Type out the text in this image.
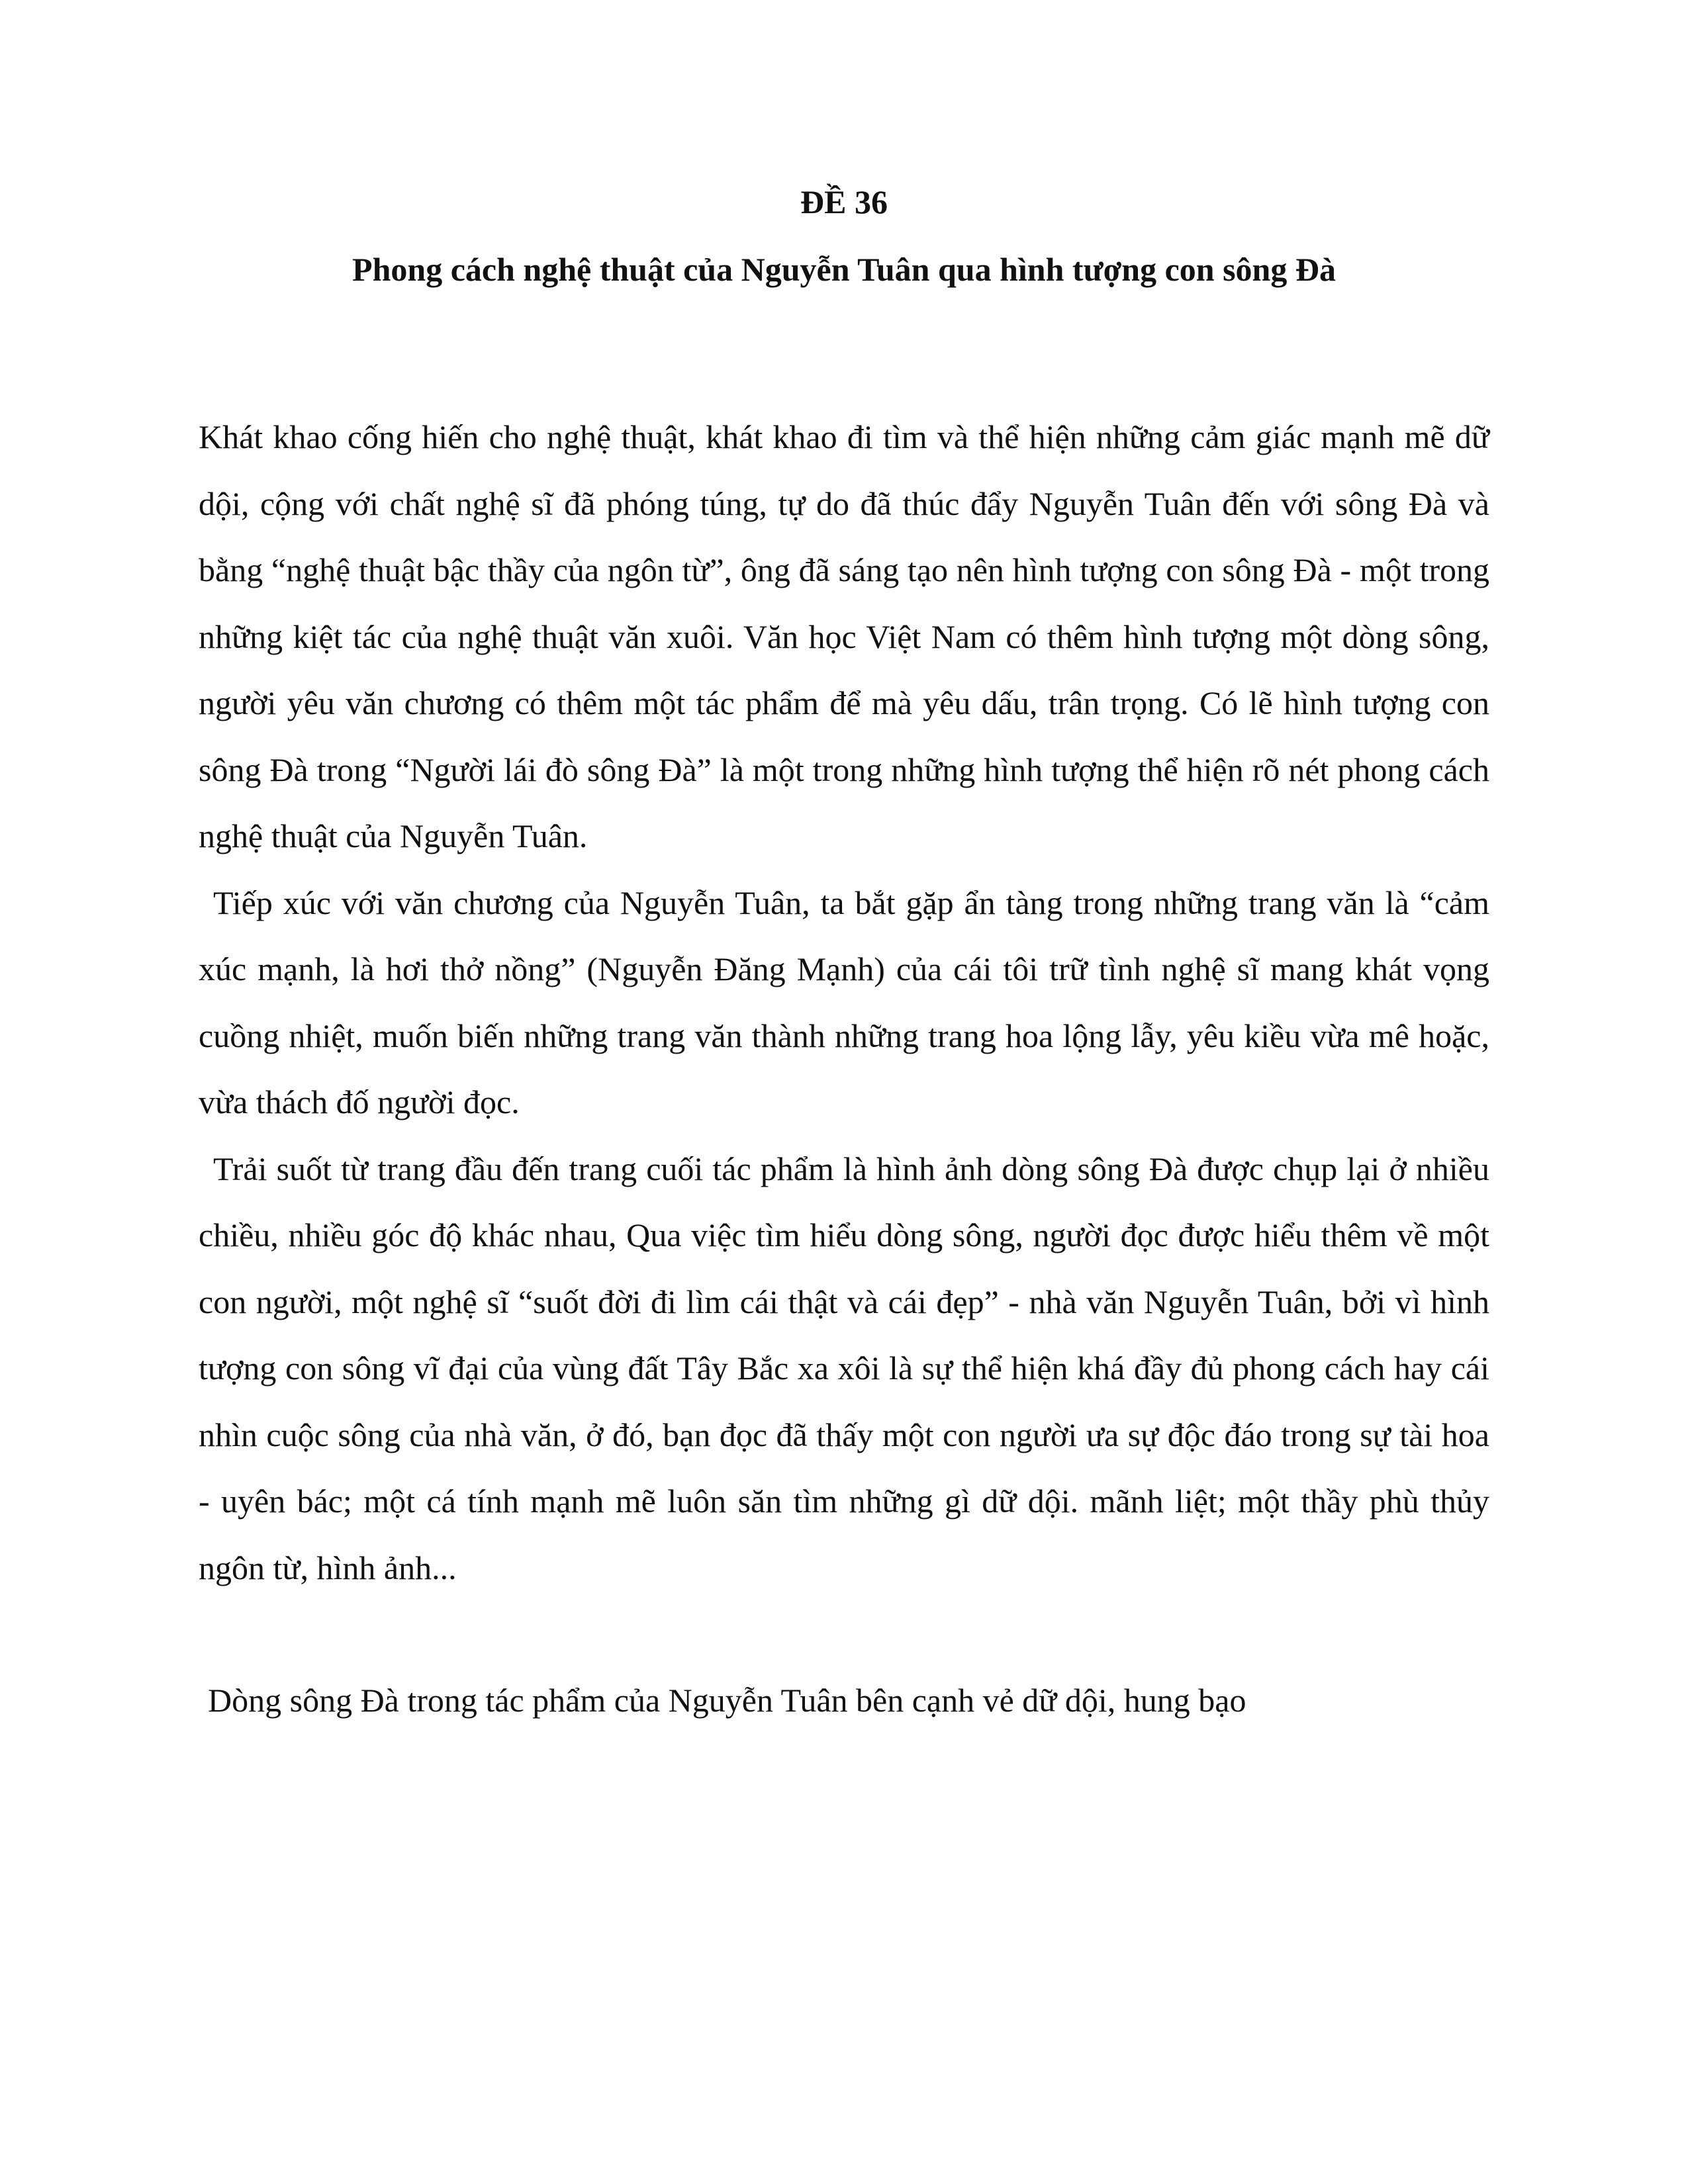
ĐỀ 36

Phong cách nghệ thuật của Nguyễn Tuân qua hình tượng con sông Đà

Khát khao cống hiến cho nghệ thuật, khát khao đi tìm và thể hiện những cảm giác mạnh mẽ dữ dội, cộng với chất nghệ sĩ đã phóng túng, tự do đã thúc đẩy Nguyễn Tuân đến với sông Đà và bằng “nghệ thuật bậc thầy của ngôn từ”, ông đã sáng tạo nên hình tượng con sông Đà - một trong những kiệt tác của nghệ thuật văn xuôi. Văn học Việt Nam có thêm hình tượng một dòng sông, người yêu văn chương có thêm một tác phẩm để mà yêu dấu, trân trọng. Có lẽ hình tượng con sông Đà trong “Người lái đò sông Đà” là một trong những hình tượng thể hiện rõ nét phong cách nghệ thuật của Nguyễn Tuân.

Tiếp xúc với văn chương của Nguyễn Tuân, ta bắt gặp ẩn tàng trong những trang văn là “cảm xúc mạnh, là hơi thở nồng” (Nguyễn Đăng Mạnh) của cái tôi trữ tình nghệ sĩ mang khát vọng cuồng nhiệt, muốn biến những trang văn thành những trang hoa lộng lẫy, yêu kiều vừa mê hoặc, vừa thách đố người đọc.

Trải suốt từ trang đầu đến trang cuối tác phẩm là hình ảnh dòng sông Đà được chụp lại ở nhiều chiều, nhiều góc độ khác nhau, Qua việc tìm hiểu dòng sông, người đọc được hiểu thêm về một con người, một nghệ sĩ “suốt đời đi lìm cái thật và cái đẹp” - nhà văn Nguyễn Tuân, bởi vì hình tượng con sông vĩ đại của vùng đất Tây Bắc xa xôi là sự thể hiện khá đầy đủ phong cách hay cái nhìn cuộc sông của nhà văn, ở đó, bạn đọc đã thấy một con người ưa sự độc đáo trong sự tài hoa - uyên bác; một cá tính mạnh mẽ luôn săn tìm những gì dữ dội. mãnh liệt; một thầy phù thủy ngôn từ, hình ảnh...

Dòng sông Đà trong tác phẩm của Nguyễn Tuân bên cạnh vẻ dữ dội, hung bạo
